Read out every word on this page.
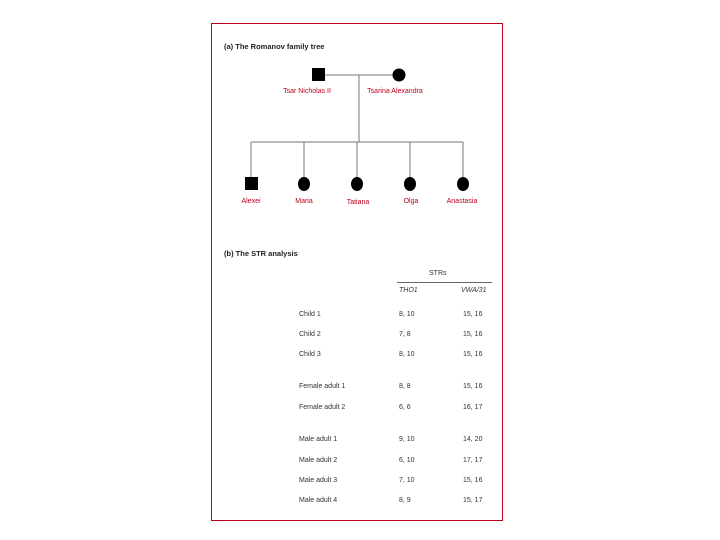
(a) The Romanov family tree
Tsar Nicholas II	Tsarina Alexandra
Alexei	Maria	Tatiana	Olga	Anastasia
(b) The STR analysis
STRs
THO1	VWA/31
Child 1	8, 10	15, 16
Child 2	7, 8	15, 16
Child 3	8, 10	15, 16
Female adult 1	8, 8	15, 16
Female adult 2	6, 6	16, 17
Male adult 1	9, 10	14, 20
Male adult 2	6, 10	17, 17
Male adult 3	7, 10	15, 16
Male adult 4	8, 9	15, 17
